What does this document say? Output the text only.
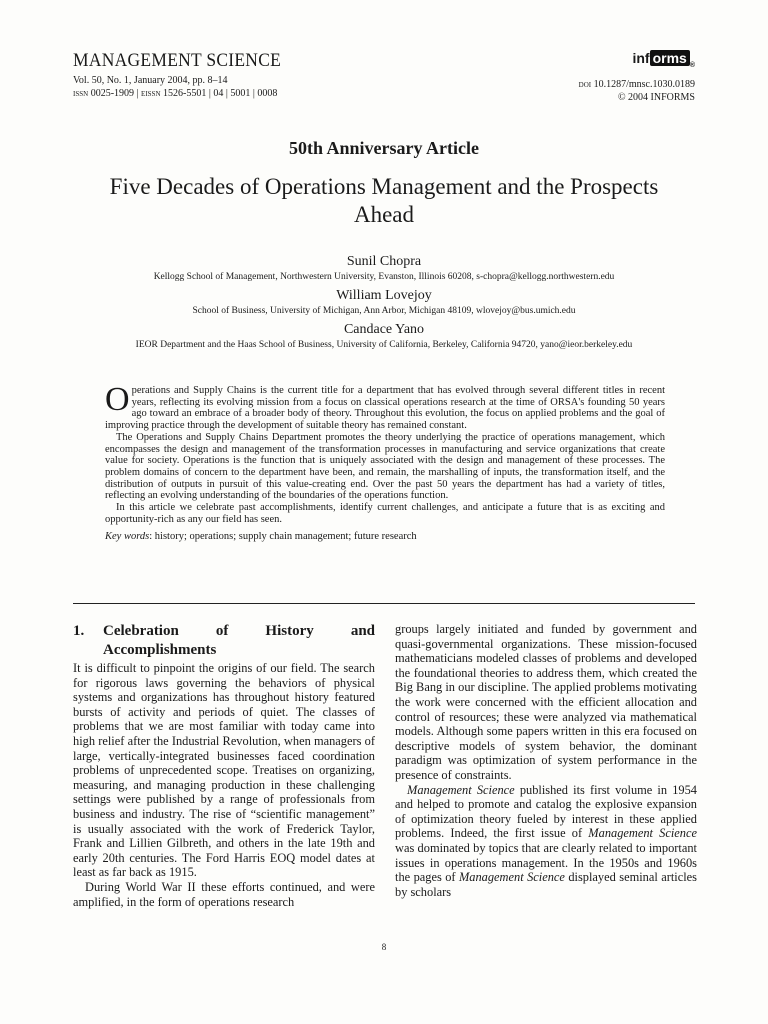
MANAGEMENT SCIENCE
Vol. 50, No. 1, January 2004, pp. 8–14
issn 0025-1909 | eissn 1526-5501 | 04 | 5001 | 0008
inf orms $_®$
doi 10.1287/mnsc.1030.0189
© 2004 INFORMS
50th Anniversary Article
Five Decades of Operations Management and the Prospects Ahead
Sunil Chopra
Kellogg School of Management, Northwestern University, Evanston, Illinois 60208, s-chopra@kellogg.northwestern.edu
William Lovejoy
School of Business, University of Michigan, Ann Arbor, Michigan 48109, wlovejoy@bus.umich.edu
Candace Yano
IEOR Department and the Haas School of Business, University of California, Berkeley, California 94720, yano@ieor.berkeley.edu

Operations and Supply Chains is the current title for a department that has evolved through several different titles in recent years, reflecting its evolving mission from a focus on classical operations research at the time of ORSA's founding 50 years ago toward an embrace of a broader body of theory. Throughout this evolution, the focus on applied problems and the goal of improving practice through the development of suitable theory has remained constant.

The Operations and Supply Chains Department promotes the theory underlying the practice of operations management, which encompasses the design and management of the transformation processes in manufacturing and service organizations that create value for society. Operations is the function that is uniquely associated with the design and management of these processes. The problem domains of concern to the department have been, and remain, the marshalling of inputs, the transformation itself, and the distribution of outputs in pursuit of this value-creating end. Over the past 50 years the department has had a variety of titles, reflecting an evolving understanding of the boundaries of the operations function.

In this article we celebrate past accomplishments, identify current challenges, and anticipate a future that is as exciting and opportunity-rich as any our field has seen.

Key words: history; operations; supply chain management; future research

1.	Celebration of History and Accomplishments

It is difficult to pinpoint the origins of our field. The search for rigorous laws governing the behaviors of physical systems and organizations has throughout history featured bursts of activity and periods of quiet. The classes of problems that we are most familiar with today came into high relief after the Industrial Revolution, when managers of large, vertically-integrated businesses faced coordination problems of unprecedented scope. Treatises on organizing, measuring, and managing production in these challenging settings were published by a range of professionals from business and industry. The rise of “scientific management” is usually associated with the work of Frederick Taylor, Frank and Lillien Gilbreth, and others in the late 19th and early 20th centuries. The Ford Harris EOQ model dates at least as far back as 1915.

During World War II these efforts continued, and were amplified, in the form of operations research

groups largely initiated and funded by government and quasi-governmental organizations. These mission-focused mathematicians modeled classes of problems and developed the foundational theories to address them, which created the Big Bang in our discipline. The applied problems motivating the work were concerned with the efficient allocation and control of resources; these were analyzed via mathematical models. Although some papers written in this era focused on descriptive models of system behavior, the dominant paradigm was optimization of system performance in the presence of constraints.

Management Science published its first volume in 1954 and helped to promote and catalog the explosive expansion of optimization theory fueled by interest in these applied problems. Indeed, the first issue of Management Science was dominated by topics that are clearly related to important issues in operations management. In the 1950s and 1960s the pages of Management Science displayed seminal articles by scholars

8
